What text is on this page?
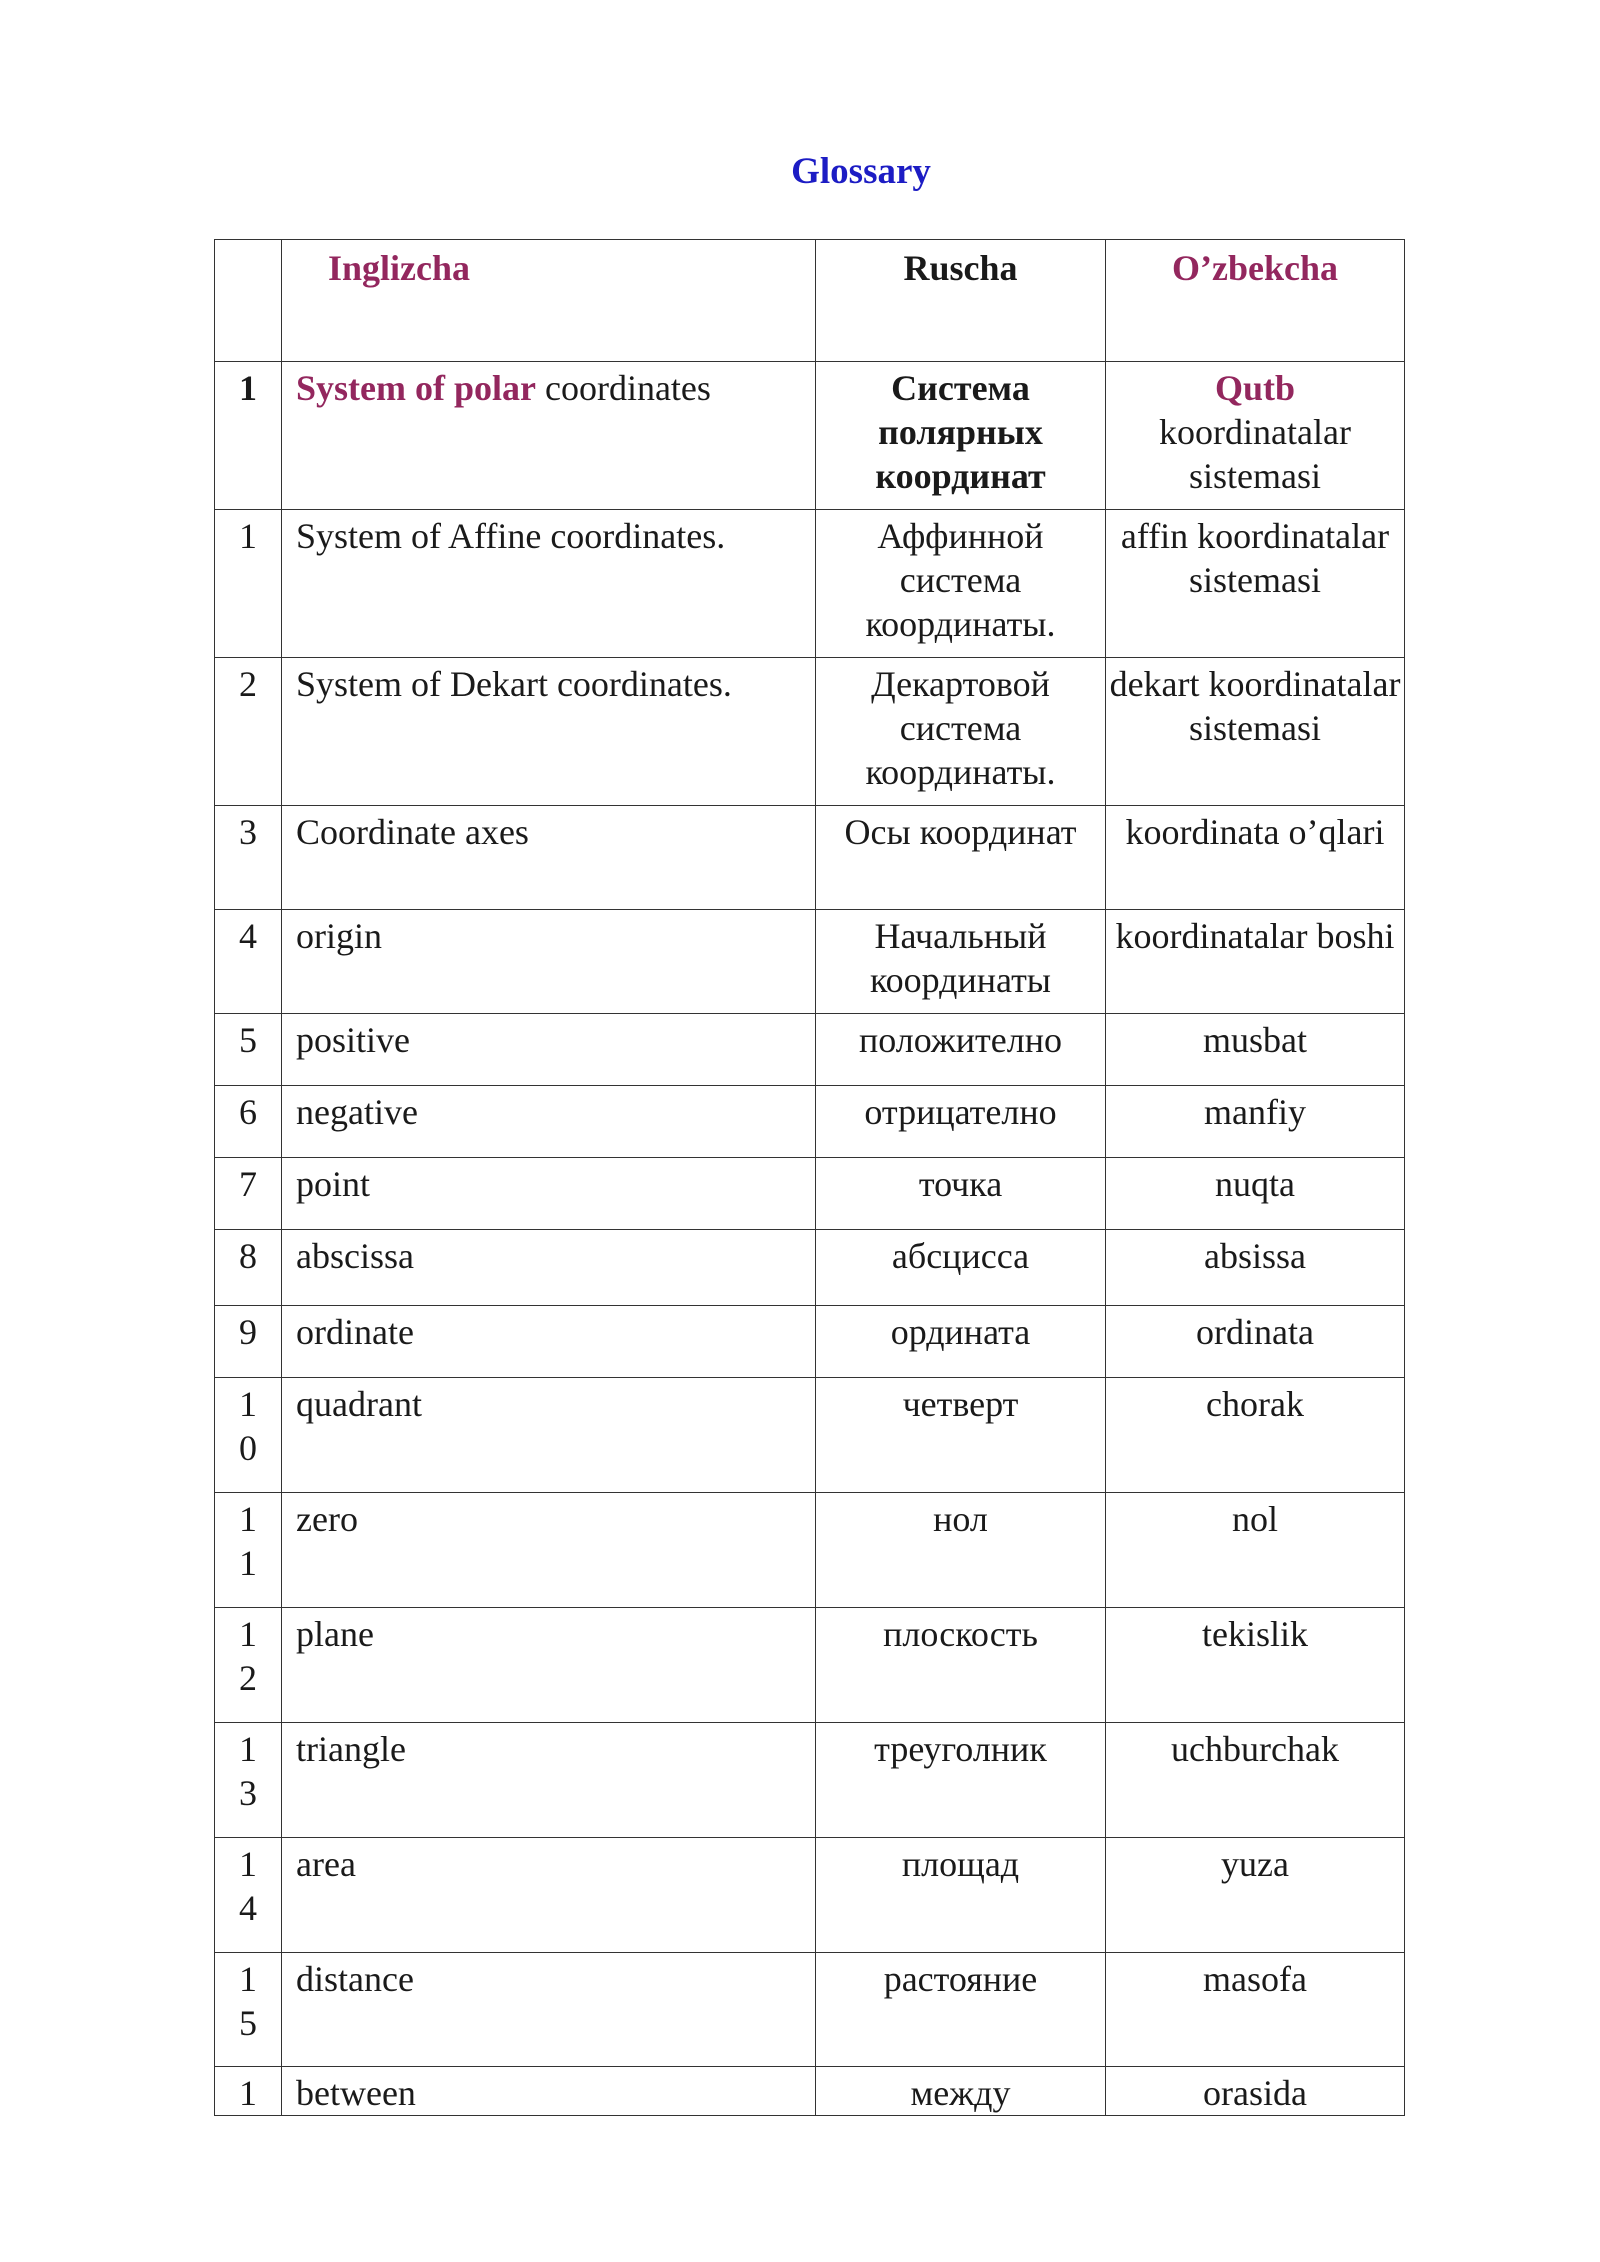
Glossary
	Inglizcha	Ruscha	O’zbekcha

1	System of polar coordinates	Система полярных координат	Qutb
koordinatalar sistemasi

1	System of Affine coordinates.	Аффинной система координаты.	affin koordinatalar sistemasi

2	System of Dekart coordinates.	Декартовой система координаты.	dekart koordinatalar sistemasi

3	Coordinate axes	Осы координат	koordinata o’qlari

4	origin	Начальный координаты	koordinatalar boshi

5	positive	положително	musbat

6	negative	отрицателно	manfiy

7	point	точка	nuqta

8	abscissa	абсцисса	absissa

9	ordinate	ордината	ordinata

10	quadrant	четверт	chorak

11	zero	нол	nol

12	plane	плоскость	tekislik

13	triangle	треуголник	uchburchak

14	area	площад	yuza

15	distance	растояние	masofa

1	between	между	orasida
